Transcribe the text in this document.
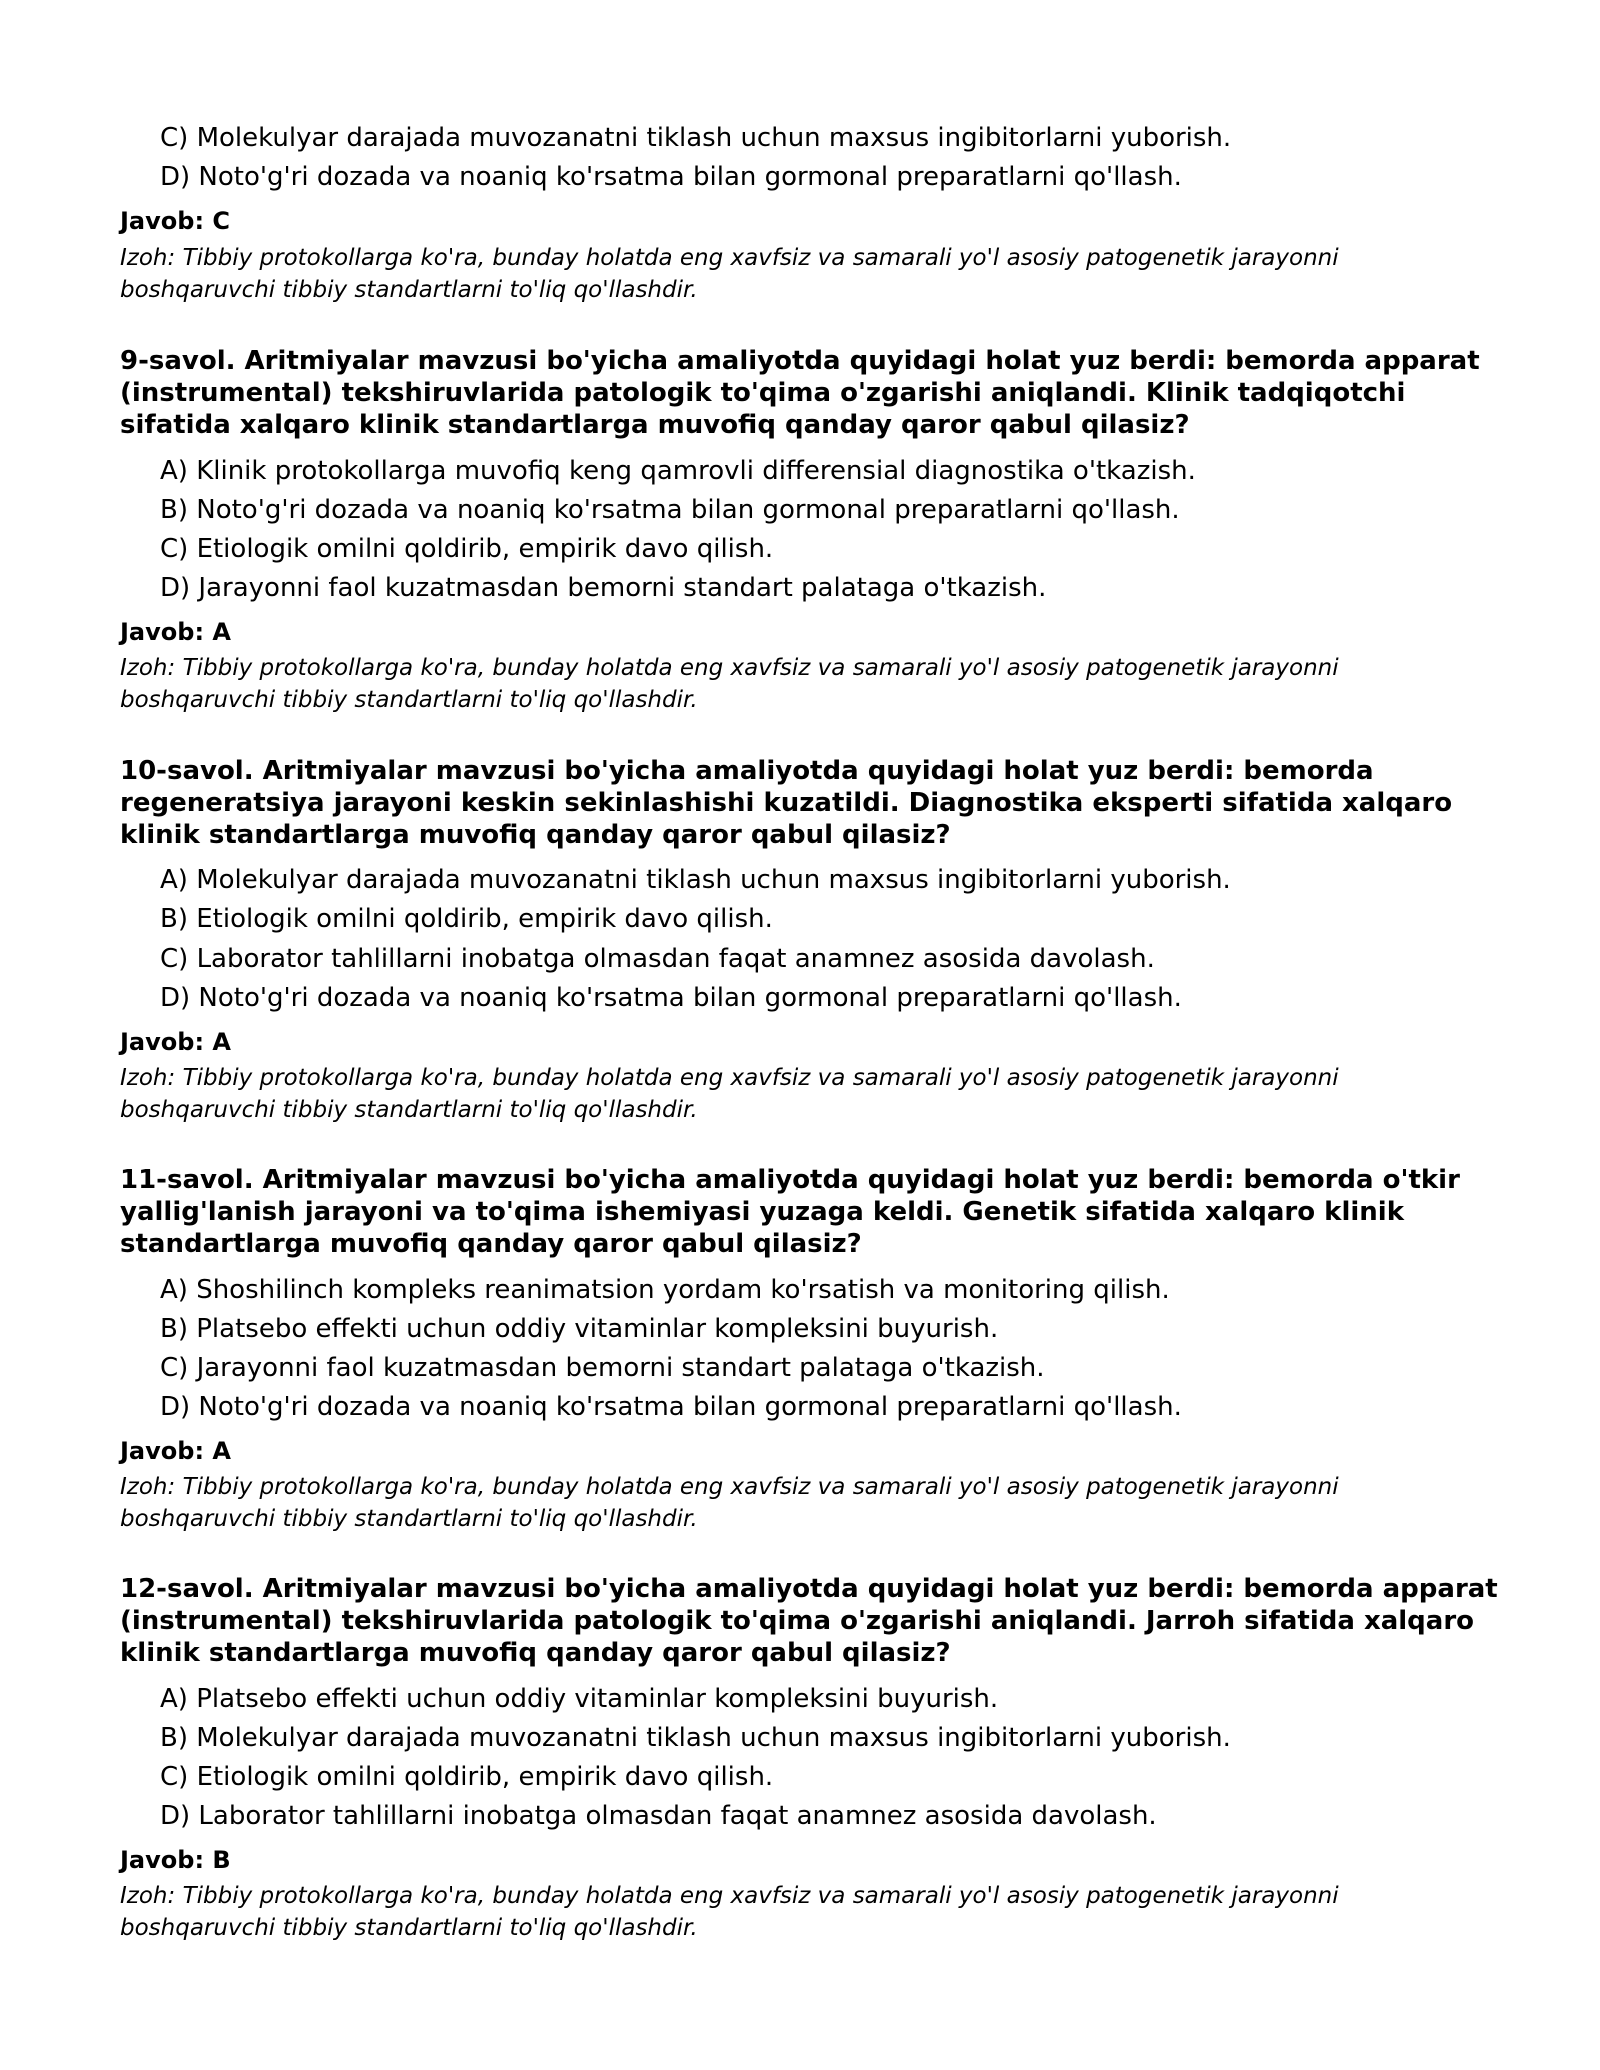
C) Molekulyar darajada muvozanatni tiklash uchun maxsus ingibitorlarni yuborish.
D) Noto'g'ri dozada va noaniq ko'rsatma bilan gormonal preparatlarni qo'llash.
Javob: C
Izoh: Tibbiy protokollarga ko'ra, bunday holatda eng xavfsiz va samarali yo'l asosiy patogenetik jarayonni
boshqaruvchi tibbiy standartlarni to'liq qo'llashdir.

9-savol. Aritmiyalar mavzusi bo'yicha amaliyotda quyidagi holat yuz berdi: bemorda apparat (instrumental) tekshiruvlarida patologik to'qima o'zgarishi aniqlandi. Klinik tadqiqotchi sifatida xalqaro klinik standartlarga muvofiq qanday qaror qabul qilasiz?

A) Klinik protokollarga muvofiq keng qamrovli differensial diagnostika o'tkazish.
B) Noto'g'ri dozada va noaniq ko'rsatma bilan gormonal preparatlarni qo'llash.
C) Etiologik omilni qoldirib, empirik davo qilish.
D) Jarayonni faol kuzatmasdan bemorni standart palataga o'tkazish.
Javob: A
Izoh: Tibbiy protokollarga ko'ra, bunday holatda eng xavfsiz va samarali yo'l asosiy patogenetik jarayonni
boshqaruvchi tibbiy standartlarni to'liq qo'llashdir.

10-savol. Aritmiyalar mavzusi bo'yicha amaliyotda quyidagi holat yuz berdi: bemorda regeneratsiya jarayoni keskin sekinlashishi kuzatildi. Diagnostika eksperti sifatida xalqaro klinik standartlarga muvofiq qanday qaror qabul qilasiz?

A) Molekulyar darajada muvozanatni tiklash uchun maxsus ingibitorlarni yuborish.
B) Etiologik omilni qoldirib, empirik davo qilish.
C) Laborator tahlillarni inobatga olmasdan faqat anamnez asosida davolash.
D) Noto'g'ri dozada va noaniq ko'rsatma bilan gormonal preparatlarni qo'llash.
Javob: A
Izoh: Tibbiy protokollarga ko'ra, bunday holatda eng xavfsiz va samarali yo'l asosiy patogenetik jarayonni
boshqaruvchi tibbiy standartlarni to'liq qo'llashdir.

11-savol. Aritmiyalar mavzusi bo'yicha amaliyotda quyidagi holat yuz berdi: bemorda o'tkir yallig'lanish jarayoni va to'qima ishemiyasi yuzaga keldi. Genetik sifatida xalqaro klinik standartlarga muvofiq qanday qaror qabul qilasiz?

A) Shoshilinch kompleks reanimatsion yordam ko'rsatish va monitoring qilish.
B) Platsebo effekti uchun oddiy vitaminlar kompleksini buyurish.
C) Jarayonni faol kuzatmasdan bemorni standart palataga o'tkazish.
D) Noto'g'ri dozada va noaniq ko'rsatma bilan gormonal preparatlarni qo'llash.
Javob: A
Izoh: Tibbiy protokollarga ko'ra, bunday holatda eng xavfsiz va samarali yo'l asosiy patogenetik jarayonni
boshqaruvchi tibbiy standartlarni to'liq qo'llashdir.

12-savol. Aritmiyalar mavzusi bo'yicha amaliyotda quyidagi holat yuz berdi: bemorda apparat (instrumental) tekshiruvlarida patologik to'qima o'zgarishi aniqlandi. Jarroh sifatida xalqaro klinik standartlarga muvofiq qanday qaror qabul qilasiz?

A) Platsebo effekti uchun oddiy vitaminlar kompleksini buyurish.
B) Molekulyar darajada muvozanatni tiklash uchun maxsus ingibitorlarni yuborish.
C) Etiologik omilni qoldirib, empirik davo qilish.
D) Laborator tahlillarni inobatga olmasdan faqat anamnez asosida davolash.
Javob: B
Izoh: Tibbiy protokollarga ko'ra, bunday holatda eng xavfsiz va samarali yo'l asosiy patogenetik jarayonni
boshqaruvchi tibbiy standartlarni to'liq qo'llashdir.
